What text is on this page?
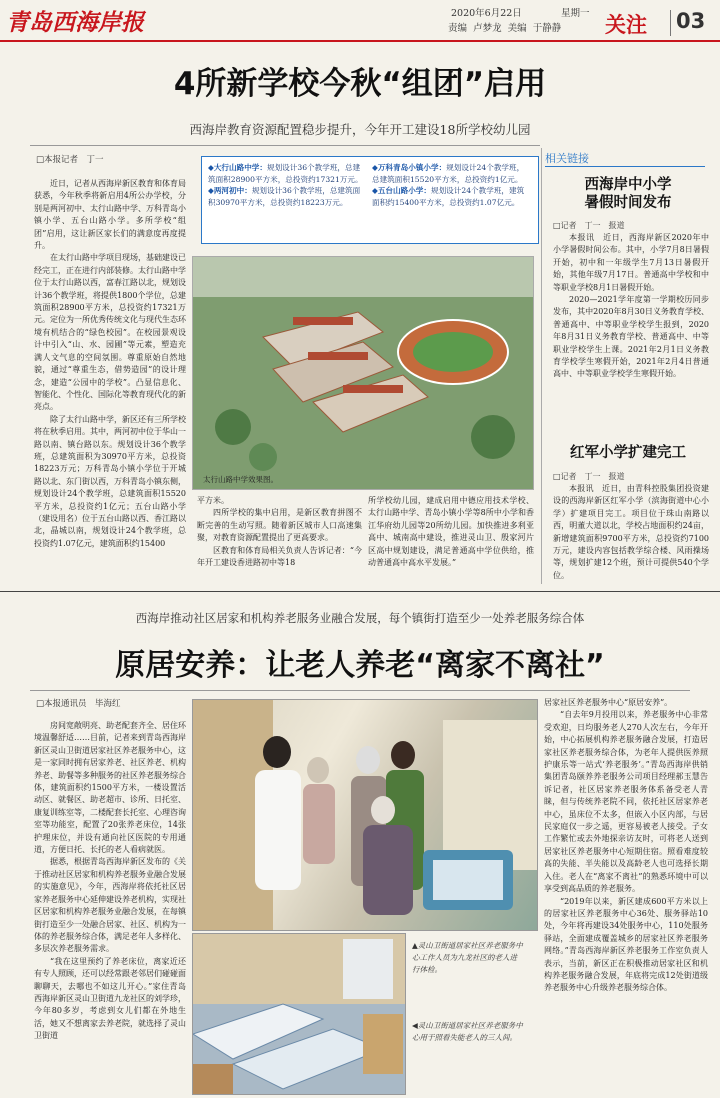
青岛西海岸报	2020年6月22日	星期一
责编 卢梦龙 美编 于静静 关注 03
4所新学校今秋“组团”启用
西海岸教育资源配置稳步提升，今年开工建设18所学校幼儿园
□本报记者　丁一

近日，记者从西海岸新区教育和体育局获悉，今年秋季将新启用4所公办学校，分别是两河初中、太行山路中学、万科青岛小镇小学、五台山路小学。多所学校“组团”启用，这让新区家长们的满意度再度提升。

在太行山路中学项目现场，基础建设已经完工，正在进行内部装修。太行山路中学位于太行山路以西，富春江路以北，规划设计36个教学班，将提供1800个学位，总建筑面积28900平方米，总投资约17321万元。定位为一所优秀传统文化与现代生态环境有机结合的“绿色校园”。在校园景观设计中引入“山、水、园圃”等元素，塑造充满人文气息的空间氛围。尊重原始自然地貌，通过“尊重生态，借势造园”的设计理念，建造“公园中的学校”。凸显信息化、智能化、个性化、国际化等教育现代化的新亮点。

除了太行山路中学，新区还有三所学校将在秋季启用。其中，两河初中位于华山一路以南、镇台路以东。规划设计36个教学班，总建筑面积为30970平方米，总投资18223万元；万科青岛小镇小学位于开城路以北、东门街以西，万科青岛小镇东侧，规划设计24个教学班，总建筑面积15520平方米，总投资约1亿元；五台山路小学（建设用名）位于五台山路以西、香江路以北，晶城以南，规划设计24个教学班，总投资约1.07亿元，建筑面积约15400

◆大行山路中学：规划设计36个教学班，总建筑面积28900平方米，总投资约17321万元。
◆两河初中：规划设计36个教学班，总建筑面积30970平方米，总投资约18223万元。
◆万科青岛小镇小学：规划设计24个教学班，总建筑面积15520平方米，总投资约1亿元。
◆五台山路小学：规划设计24个教学班，建筑面积约15400平方米，总投资约1.07亿元。
太行山路中学效果图。

平方米。

四所学校的集中启用，是新区教育拼图不断完善的生动写照。随着新区城市人口高速集聚，对教育资源配置提出了更高要求。

区教育和体育局相关负责人告诉记者：“今年开工建设香进路初中等18

所学校幼儿园，建成启用中德应用技术学校、太行山路中学、青岛小镇小学等8所中小学和香江华府幼儿园等20所幼儿园。加快推进多利亚高中、城南高中建设，推进灵山卫、殷家河片区高中规划建设，满足普通高中学位供给，推动普通高中高水平发展。”

相关链接
西海岸中小学
暑假时间发布
□记者　丁一　报道

本报讯　近日，西海岸新区2020年中小学暑假时间公布。其中，小学7月8日暑假开始，初中和一年级学生7月13日暑假开始，其他年级7月17日。普通高中学校和中等职业学校8月1日暑假开始。

2020—2021学年度第一学期校历同步发布，其中2020年8月30日义务教育学校、普通高中、中等职业学校学生报到，2020年8月31日义务教育学校、普通高中、中等职业学校学生上课。2021年2月1日义务教育学校学生寒假开始，2021年2月4日普通高中、中等职业学校学生寒假开始。

红军小学扩建完工
□记者　丁一　报道

本报讯　近日，由青科控股集团投资建设的西海岸新区红军小学（滨海街道中心小学）扩建项目完工。项目位于珠山南路以西，明董大道以北，学校占地面积约24亩，新增建筑面积9700平方米，总投资约7100万元，建设内容包括教学综合楼、风雨操场等，规划扩建12个班，预计可提供540个学位。

西海岸推动社区居家和机构养老服务业融合发展，每个镇街打造至少一处养老服务综合体
原居安养：让老人养老“离家不离社”
□本报通讯员　毕海红

房间宽敞明亮、助老配套齐全、居住环境温馨舒适……目前，记者来到青岛西海岸新区灵山卫街道居家社区养老服务中心，这是一家同时拥有居家养老、社区养老、机构养老、助餐等多种服务的社区养老服务综合体，建筑面积约1500平方米，一楼设置活动区、就餐区、助老超市、诊所、日托室、康复训练室等，二楼配套长托室、心理咨询室等功能室，配置了20张养老床位，14张护理床位，并设有通向社区医院的专用通道，方便日托、长托的老人看病就医。

据悉，根据青岛西海岸新区发布的《关于推动社区居家和机构养老服务业融合发展的实施意见》，今年，西海岸将依托社区居家养老服务中心延伸建设养老机构，实现社区居家和机构养老服务业融合发展，在每镇街打造至少一处融合居家、社区、机构为一体的养老服务综合体，满足老年人多样化、多层次养老服务需求。

“我在这里预约了养老床位，离家近还有专人照顾，还可以经常跟老邻居们碰碰面聊聊天，去哪也不如这儿开心。”家住青岛西海岸新区灵山卫街道九龙社区的刘学珍，今年80多岁，考虑到女儿们都在外地生活，她又不想离家去养老院，就选择了灵山卫街道

▲灵山卫街道居家社区养老服务中心工作人员为九龙社区的老人进行体检。
◀灵山卫街道居家社区养老服务中心用于照看失能老人的三人间。

居家社区养老服务中心“原居安养”。

“自去年9月投用以来，养老服务中心非常受欢迎，日均服务老人270人次左右，今年开始，中心拓展机构养老服务融合发展，打造居家社区养老服务综合体，为老年人提供医养照护康乐等一站式‘养老服务’。”青岛西海岸供销集团青岛颐养养老服务公司项目经理郝玉慧告诉记者，社区居家养老服务体系备受老人青睐，但与传统养老院不同，依托社区居家养老中心，虽床位不太多，但嵌入小区内部，与居民家庭仅一步之遥，更容易被老人接受。子女工作繁忙或去外地探亲访友时，可将老人送到居家社区养老服务中心短期住宿。照看难度较高的失能、半失能以及高龄老人也可选择长期入住。老人在“离家不离社”的熟悉环境中可以享受到高品质的养老服务。

“2019年以来，新区建成600平方米以上的居家社区养老服务中心36处、服务驿站10处，今年将再建设34处服务中心，110处服务驿站，全面建成覆盖城乡的居家社区养老服务网络。”青岛西海岸新区养老服务工作室负责人表示，当前，新区正在积极推动居家社区和机构养老服务融合发展，年底将完成12处街道级养老服务中心升级养老服务综合体。
